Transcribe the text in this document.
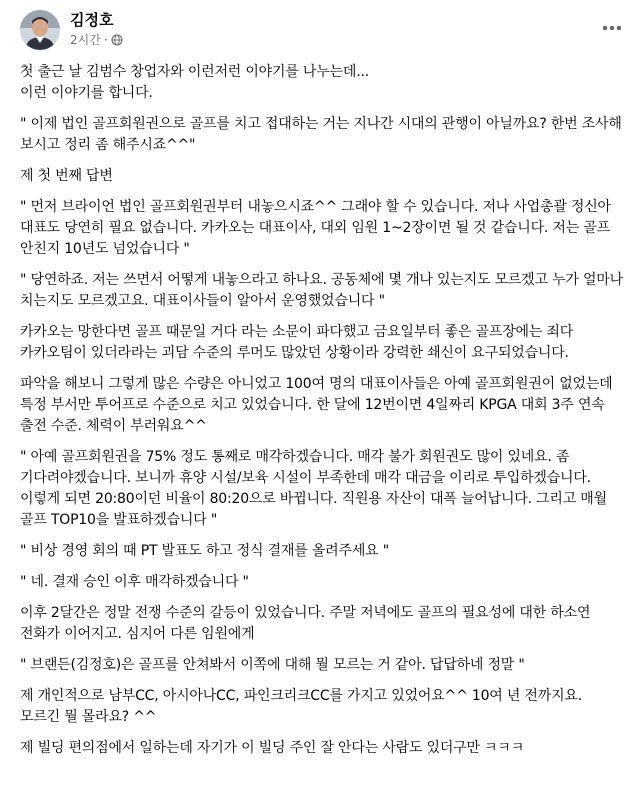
김정호
2시간 ·

첫 출근 날 김범수 창업자와 이런저런 이야기를 나누는데...
이런 이야기를 합니다.

" 이제 법인 골프회원권으로 골프를 치고 접대하는 거는 지나간 시대의 관행이 아닐까요? 한번 조사해 보시고 정리 좀 해주시죠^^"

제 첫 번째 답변

" 먼저 브라이언 법인 골프회원권부터 내놓으시죠^^ 그래야 할 수 있습니다. 저나 사업총괄 정신아 대표도 당연히 필요 없습니다. 카카오는 대표이사, 대외 임원 1~2장이면 될 것 같습니다. 저는 골프 안친지 10년도 넘었습니다 "

" 당연하죠. 저는 쓰면서 어떻게 내놓으라고 하나요. 공동체에 몇 개나 있는지도 모르겠고 누가 얼마나 치는지도 모르겠고요. 대표이사들이 알아서 운영했었습니다 "

카카오는 망한다면 골프 때문일 거다 라는 소문이 파다했고 금요일부터 좋은 골프장에는 죄다 카카오팀이 있더라라는 괴담 수준의 루머도 많았던 상황이라 강력한 쇄신이 요구되었습니다.

파악을 해보니 그렇게 많은 수량은 아니었고 100여 명의 대표이사들은 아예 골프회원권이 없었는데 특정 부서만 투어프로 수준으로 치고 있었습니다. 한 달에 12번이면 4일짜리 KPGA 대회 3주 연속 출전 수준. 체력이 부러워요^^

" 아예 골프회원권을 75% 정도 통째로 매각하겠습니다. 매각 불가 회원권도 많이 있네요. 좀 기다려야겠습니다. 보니까 휴양 시설/보육 시설이 부족한데 매각 대금을 이리로 투입하겠습니다. 이렇게 되면 20:80이던 비율이 80:20으로 바뀝니다. 직원용 자산이 대폭 늘어납니다. 그리고 매월 골프 TOP10을 발표하겠습니다 "

" 비상 경영 회의 때 PT 발표도 하고 정식 결재를 올려주세요 "

" 네. 결재 승인 이후 매각하겠습니다 "

이후 2달간은 정말 전쟁 수준의 갈등이 있었습니다. 주말 저녁에도 골프의 필요성에 대한 하소연 전화가 이어지고. 심지어 다른 임원에게

" 브랜든(김정호)은 골프를 안쳐봐서 이쪽에 대해 뭘 모르는 거 같아. 답답하네 정말 "

제 개인적으로 남부CC, 아시아나CC, 파인크리크CC를 가지고 있었어요^^ 10여 년 전까지요. 모르긴 뭘 몰라요? ^^

제 빌딩 편의점에서 일하는데 자기가 이 빌딩 주인 잘 안다는 사람도 있더구만 ㅋㅋㅋ
